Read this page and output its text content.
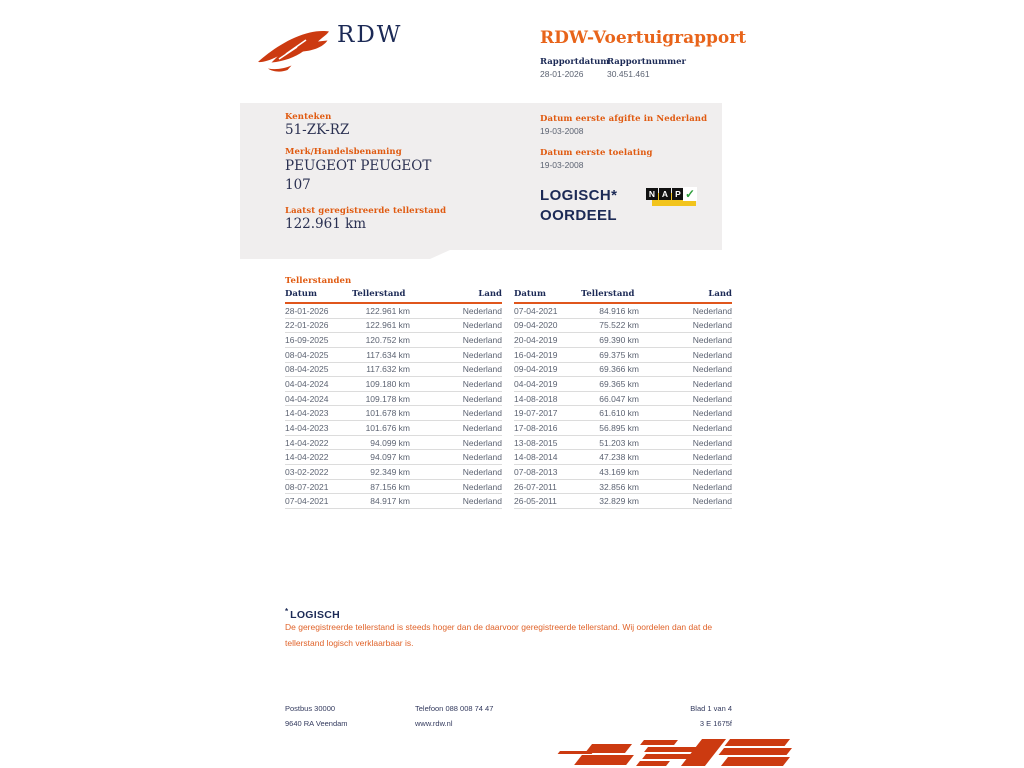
RDW	RDW-Voertuigrapport
Rapportdatum
Rapportnummer
28-01-2026	30.451.461
Kenteken
51-ZK-RZ
Merk/Handelsbenaming
PEUGEOT PEUGEOT 107
Laatst geregistreerde tellerstand
122.961 km
Datum eerste afgifte in Nederland
19-03-2008
Datum eerste toelating
19-03-2008
LOGISCH*
OORDEEL
N A P ✓
Tellerstanden
Datum	Tellerstand	Land
28-01-2026	122.961 km	Nederland
22-01-2026	122.961 km	Nederland
16-09-2025	120.752 km	Nederland
08-04-2025	117.634 km	Nederland
08-04-2025	117.632 km	Nederland
04-04-2024	109.180 km	Nederland
04-04-2024	109.178 km	Nederland
14-04-2023	101.678 km	Nederland
14-04-2023	101.676 km	Nederland
14-04-2022	94.099 km	Nederland
14-04-2022	94.097 km	Nederland
03-02-2022	92.349 km	Nederland
08-07-2021	87.156 km	Nederland
07-04-2021	84.917 km	Nederland
Datum	Tellerstand	Land
07-04-2021	84.916 km	Nederland
09-04-2020	75.522 km	Nederland
20-04-2019	69.390 km	Nederland
16-04-2019	69.375 km	Nederland
09-04-2019	69.366 km	Nederland
04-04-2019	69.365 km	Nederland
14-08-2018	66.047 km	Nederland
19-07-2017	61.610 km	Nederland
17-08-2016	56.895 km	Nederland
13-08-2015	51.203 km	Nederland
14-08-2014	47.238 km	Nederland
07-08-2013	43.169 km	Nederland
26-07-2011	32.856 km	Nederland
26-05-2011	32.829 km	Nederland
* LOGISCH
De geregistreerde tellerstand is steeds hoger dan de daarvoor geregistreerde tellerstand. Wij oordelen dan dat de tellerstand logisch verklaarbaar is.
Postbus 30000
9640 RA Veendam
Telefoon 088 008 74 47
www.rdw.nl
Blad 1 van 4
3 E 1675f
